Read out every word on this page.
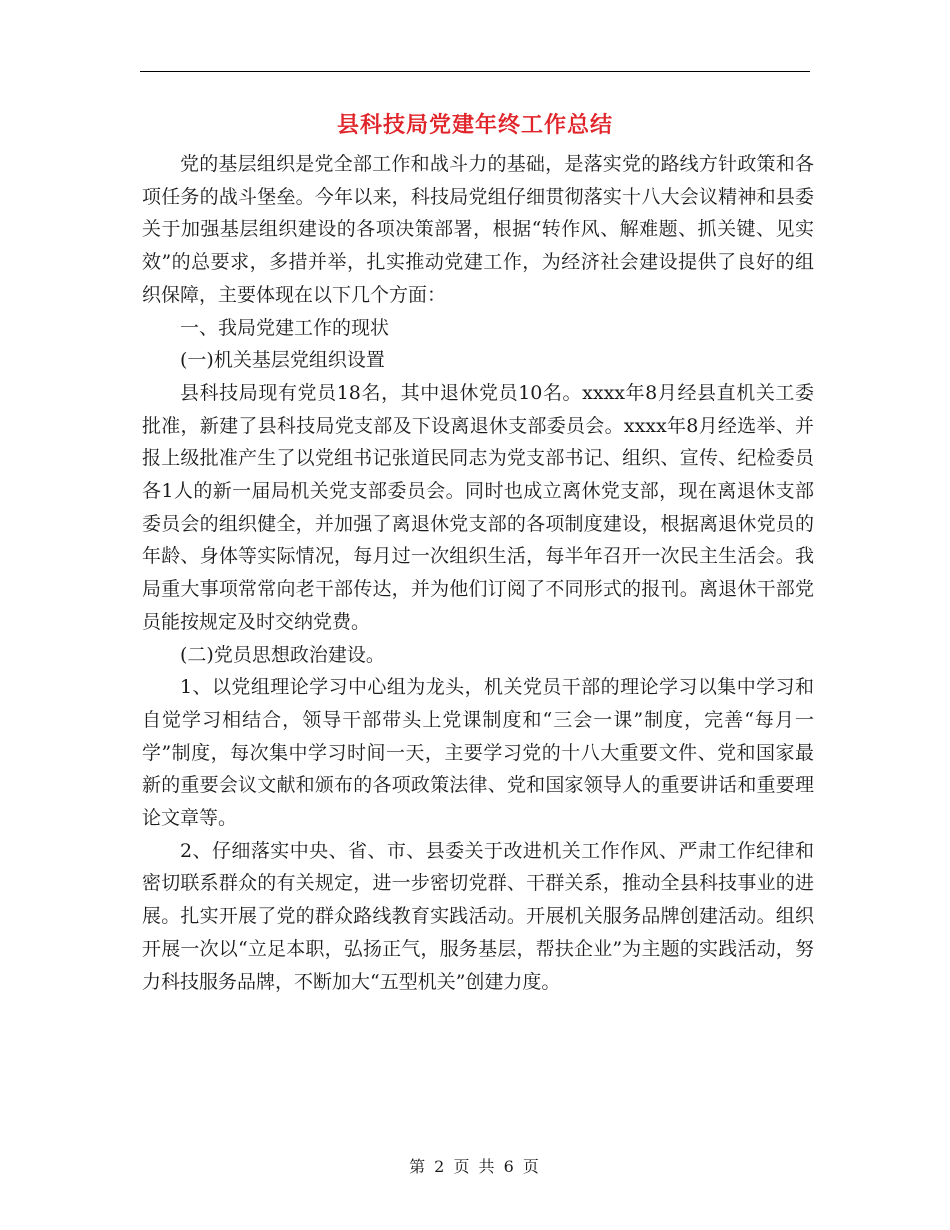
县科技局党建年终工作总结

党的基层组织是党全部工作和战斗力的基础，是落实党的路线方针政策和各项任务的战斗堡垒。今年以来，科技局党组仔细贯彻落实十八大会议精神和县委关于加强基层组织建设的各项决策部署，根据“转作风、解难题、抓关键、见实效”的总要求，多措并举，扎实推动党建工作，为经济社会建设提供了良好的组织保障，主要体现在以下几个方面：

一、我局党建工作的现状

(一)机关基层党组织设置

县科技局现有党员18名，其中退休党员10名。xxxx年8月经县直机关工委批准，新建了县科技局党支部及下设离退休支部委员会。xxxx年8月经选举、并报上级批准产生了以党组书记张道民同志为党支部书记、组织、宣传、纪检委员各1人的新一届局机关党支部委员会。同时也成立离休党支部，现在离退休支部委员会的组织健全，并加强了离退休党支部的各项制度建设，根据离退休党员的年龄、身体等实际情况，每月过一次组织生活，每半年召开一次民主生活会。我局重大事项常常向老干部传达，并为他们订阅了不同形式的报刊。离退休干部党员能按规定及时交纳党费。

(二)党员思想政治建设。

1、以党组理论学习中心组为龙头，机关党员干部的理论学习以集中学习和自觉学习相结合，领导干部带头上党课制度和“三会一课”制度，完善“每月一学”制度，每次集中学习时间一天，主要学习党的十八大重要文件、党和国家最新的重要会议文献和颁布的各项政策法律、党和国家领导人的重要讲话和重要理论文章等。

2、仔细落实中央、省、市、县委关于改进机关工作作风、严肃工作纪律和密切联系群众的有关规定，进一步密切党群、干群关系，推动全县科技事业的进展。扎实开展了党的群众路线教育实践活动。开展机关服务品牌创建活动。组织开展一次以“立足本职，弘扬正气，服务基层，帮扶企业”为主题的实践活动，努力科技服务品牌，不断加大“五型机关”创建力度。

第 2 页 共 6 页
